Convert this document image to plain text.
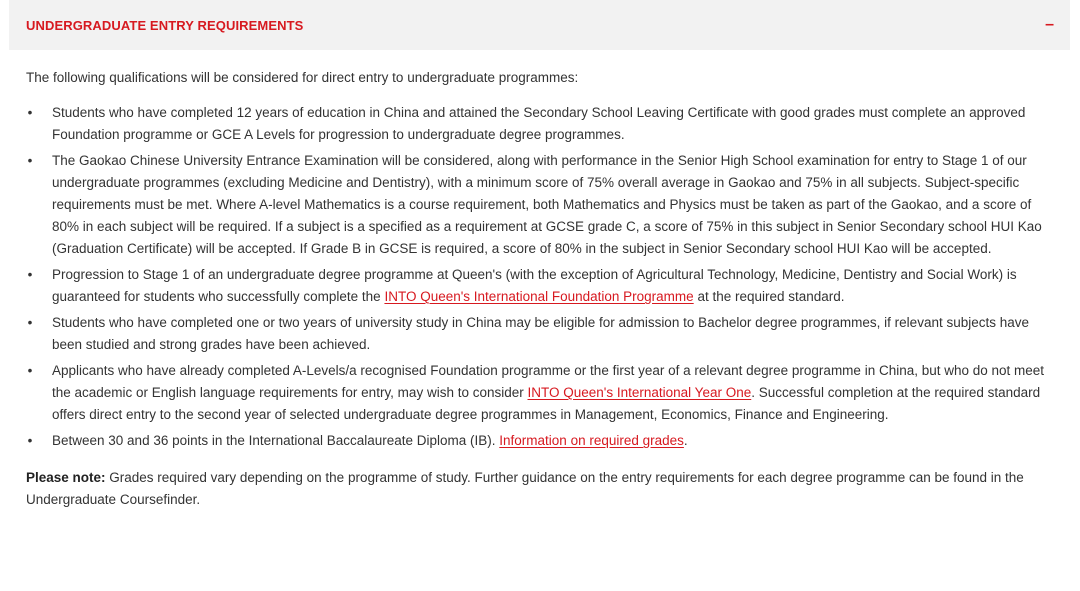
UNDERGRADUATE ENTRY REQUIREMENTS	–

The following qualifications will be considered for direct entry to undergraduate programmes:

• Students who have completed 12 years of education in China and attained the Secondary School Leaving Certificate with good grades must complete an approved Foundation programme or GCE A Levels for progression to undergraduate degree programmes.
• The Gaokao Chinese University Entrance Examination will be considered, along with performance in the Senior High School examination for entry to Stage 1 of our undergraduate programmes (excluding Medicine and Dentistry), with a minimum score of 75% overall average in Gaokao and 75% in all subjects. Subject-specific requirements must be met. Where A-level Mathematics is a course requirement, both Mathematics and Physics must be taken as part of the Gaokao, and a score of 80% in each subject will be required. If a subject is a specified as a requirement at GCSE grade C, a score of 75% in this subject in Senior Secondary school HUI Kao (Graduation Certificate) will be accepted. If Grade B in GCSE is required, a score of 80% in the subject in Senior Secondary school HUI Kao will be accepted.
• Progression to Stage 1 of an undergraduate degree programme at Queen's (with the exception of Agricultural Technology, Medicine, Dentistry and Social Work) is guaranteed for students who successfully complete the INTO Queen's International Foundation Programme at the required standard.
• Students who have completed one or two years of university study in China may be eligible for admission to Bachelor degree programmes, if relevant subjects have been studied and strong grades have been achieved.
• Applicants who have already completed A-Levels/a recognised Foundation programme or the first year of a relevant degree programme in China, but who do not meet the academic or English language requirements for entry, may wish to consider INTO Queen's International Year One. Successful completion at the required standard offers direct entry to the second year of selected undergraduate degree programmes in Management, Economics, Finance and Engineering.
• Between 30 and 36 points in the International Baccalaureate Diploma (IB). Information on required grades.

Please note: Grades required vary depending on the programme of study. Further guidance on the entry requirements for each degree programme can be found in the Undergraduate Coursefinder.
